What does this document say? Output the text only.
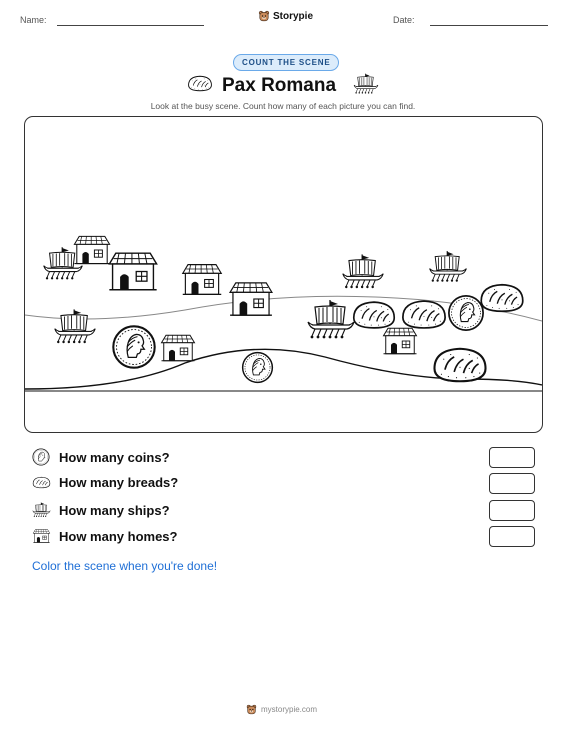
Name:	Storypie	Date:
COUNT THE SCENE
Pax Romana
Look at the busy scene. Count how many of each picture you can find.
How many coins?
How many breads?
How many ships?
How many homes?
Color the scene when you're done!
mystorypie.com
